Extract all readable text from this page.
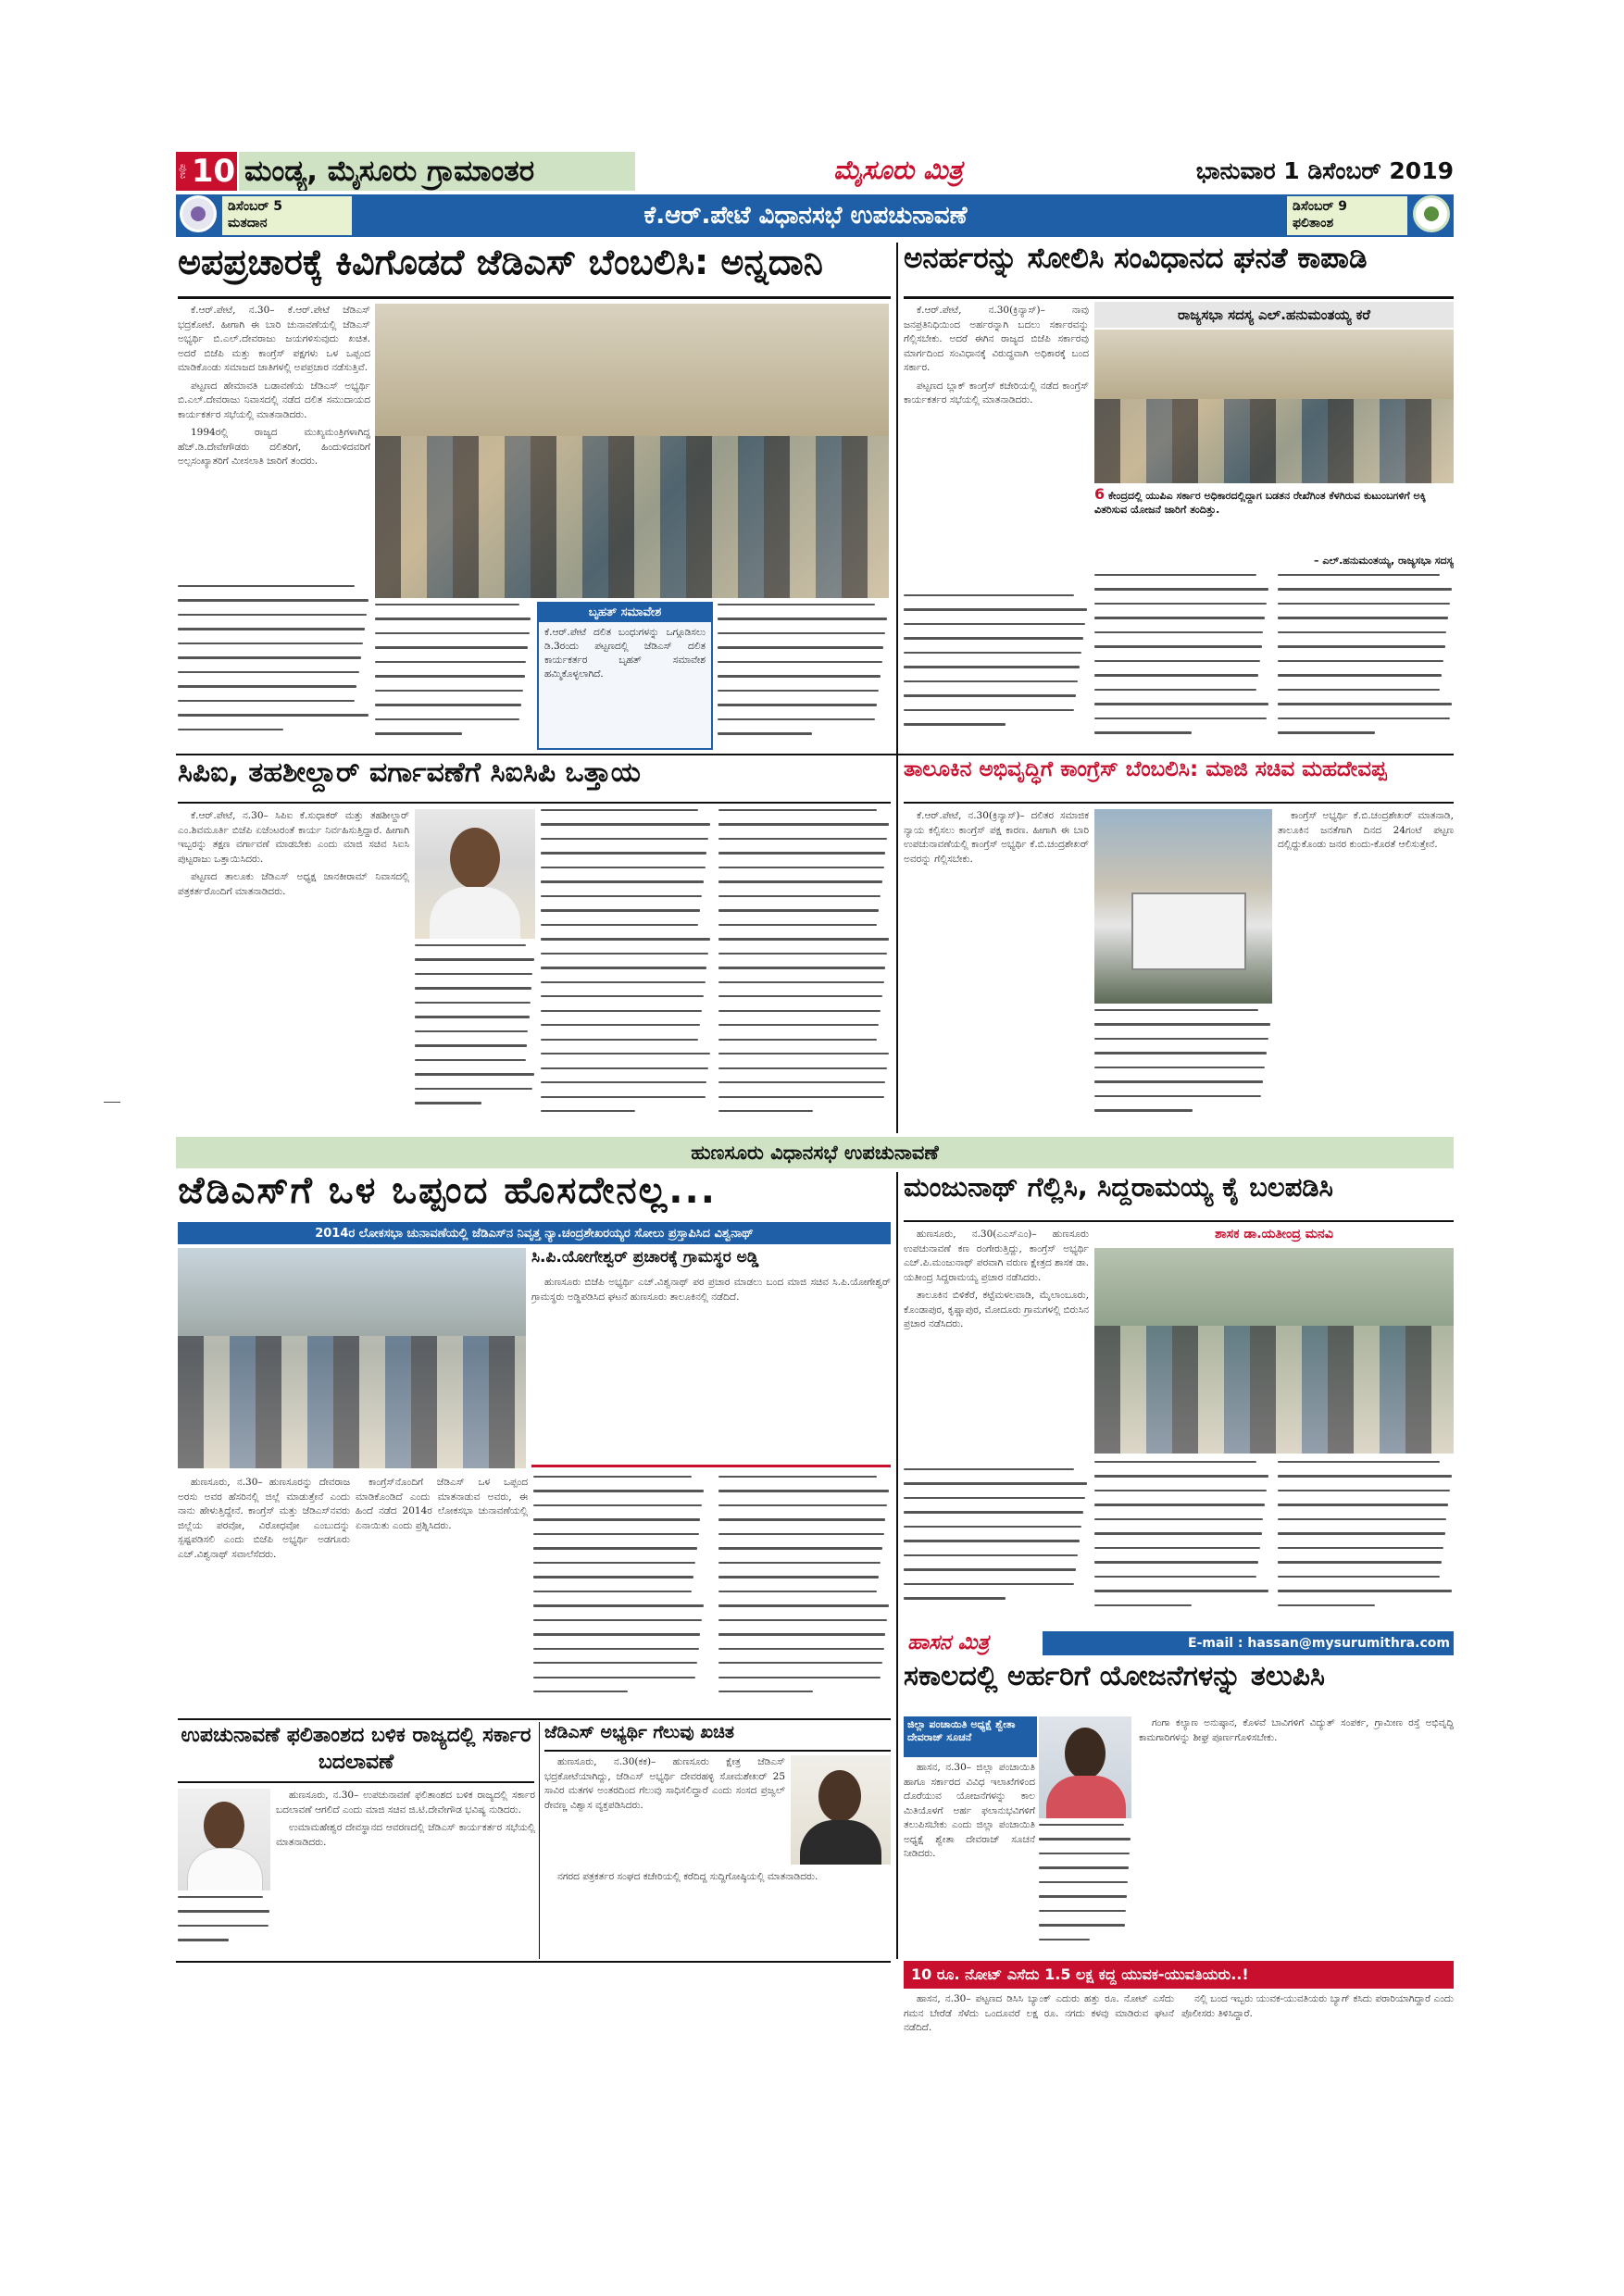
ಪುಟ 10 ಮಂಡ್ಯ, ಮೈಸೂರು ಗ್ರಾಮಾಂತರ	ಮೈಸೂರು ಮಿತ್ರ	ಭಾನುವಾರ 1 ಡಿಸೆಂಬರ್ 2019
ಡಿಸೆಂಬರ್ 5
ಮತದಾನ	ಕೆ.ಆರ್.ಪೇಟೆ ವಿಧಾನಸಭೆ ಉಪಚುನಾವಣೆ	ಡಿಸೆಂಬರ್ 9
ಫಲಿತಾಂಶ
ಅಪಪ್ರಚಾರಕ್ಕೆ ಕಿವಿಗೊಡದೆ ಜೆಡಿಎಸ್ ಬೆಂಬಲಿಸಿ: ಅನ್ನದಾನಿ

ಕೆ.ಆರ್.ಪೇಟೆ, ನ.30– ಕೆ.ಆರ್.ಪೇಟೆ ಜೆಡಿಎಸ್ ಭದ್ರಕೋಟೆ. ಹೀಗಾಗಿ ಈ ಬಾರಿ ಚುನಾವಣೆಯಲ್ಲಿ ಜೆಡಿಎಸ್ ಅಭ್ಯರ್ಥಿ ಬಿ.ಎಲ್.ದೇವರಾಜು ಜಯಗಳಿಸುವುದು ಖಚಿತ. ಅದರೆ ಬಿಜೆಪಿ ಮತ್ತು ಕಾಂಗ್ರೆಸ್ ಪಕ್ಷಗಳು ಒಳ ಒಪ್ಪಂದ ಮಾಡಿಕೊಂಡು ಸಮಾಜದ ಜಾತಿಗಳಲ್ಲಿ ಅಪಪ್ರಚಾರ ನಡೆಸುತ್ತಿವೆ.

ಪಟ್ಟಣದ ಹೇಮಾವತಿ ಬಡಾವಣೆಯ ಜೆಡಿಎಸ್ ಅಭ್ಯರ್ಥಿ ಬಿ.ಎಲ್.ದೇವರಾಜು ನಿವಾಸದಲ್ಲಿ ನಡೆದ ದಲಿತ ಸಮುದಾಯದ ಕಾರ್ಯಕರ್ತರ ಸಭೆಯಲ್ಲಿ ಮಾತನಾಡಿದರು.

1994ರಲ್ಲಿ ರಾಜ್ಯದ ಮುಖ್ಯಮಂತ್ರಿಗಳಾಗಿದ್ದ ಹೆಚ್.ಡಿ.ದೇವೇಗೌಡರು ದಲಿತರಿಗೆ, ಹಿಂದುಳಿದವರಿಗೆ ಅಲ್ಪಸಂಖ್ಯಾತರಿಗೆ ಮೀಸಲಾತಿ ಜಾರಿಗೆ ತಂದರು.

ಬೃಹತ್ ಸಮಾವೇಶ
ಕೆ.ಆರ್.ಪೇಟೆ ದಲಿತ ಬಂಧುಗಳನ್ನು ಒಗ್ಗೂಡಿಸಲು ಡಿ.3ರಂದು ಪಟ್ಟಣದಲ್ಲಿ ಜೆಡಿಎಸ್ ದಲಿತ ಕಾರ್ಯಕರ್ತರ ಬೃಹತ್ ಸಮಾವೇಶ ಹಮ್ಮಿಕೊಳ್ಳಲಾಗಿದೆ.
ಅನರ್ಹರನ್ನು ಸೋಲಿಸಿ ಸಂವಿಧಾನದ ಘನತೆ ಕಾಪಾಡಿ

ಕೆ.ಆರ್.ಪೇಟೆ, ನ.30(ಕ್ರಿನ್ಯಾಸ್)– ನಾವು ಜನಪ್ರತಿನಿಧಿಯಿಂದ ಅರ್ಹರನ್ನಾಗಿ ಬದಲು ಸರ್ಕಾರವನ್ನು ಗೆಲ್ಲಿಸಬೇಕು. ಅದರೆ ಈಗಿನ ರಾಜ್ಯದ ಬಿಜೆಪಿ ಸರ್ಕಾರವು ಮಾರ್ಗದಿಂದ ಸಂವಿಧಾನಕ್ಕೆ ವಿರುದ್ಧವಾಗಿ ಅಧಿಕಾರಕ್ಕೆ ಬಂದ ಸರ್ಕಾರ.

ಪಟ್ಟಣದ ಬ್ಲಾಕ್ ಕಾಂಗ್ರೆಸ್ ಕಚೇರಿಯಲ್ಲಿ ನಡೆದ ಕಾಂಗ್ರೆಸ್ ಕಾರ್ಯಕರ್ತರ ಸಭೆಯಲ್ಲಿ ಮಾತನಾಡಿದರು.

ರಾಜ್ಯಸಭಾ ಸದಸ್ಯ ಎಲ್.ಹನುಮಂತಯ್ಯ ಕರೆ
6 ಕೇಂದ್ರದಲ್ಲಿ ಯುಪಿಎ ಸರ್ಕಾರ ಅಧಿಕಾರದಲ್ಲಿದ್ದಾಗ ಬಡತನ ರೇಖೆಗಿಂತ ಕೆಳಗಿರುವ ಕುಟುಂಬಗಳಿಗೆ ಅಕ್ಕಿ ವಿತರಿಸುವ ಯೋಜನೆ ಜಾರಿಗೆ ತಂದಿತ್ತು.
– ಎಲ್.ಹನುಮಂತಯ್ಯ, ರಾಜ್ಯಸಭಾ ಸದಸ್ಯ
ಸಿಪಿಐ, ತಹಶೀಲ್ದಾರ್ ವರ್ಗಾವಣೆಗೆ ಸಿಐಸಿಪಿ ಒತ್ತಾಯ

ಕೆ.ಆರ್.ಪೇಟೆ, ನ.30– ಸಿಪಿಐ ಕೆ.ಸುಧಾಕರ್ ಮತ್ತು ತಹಶೀಲ್ದಾರ್ ಎಂ.ಶಿವಮೂರ್ತಿ ಬಿಜೆಪಿ ಏಜೆಂಟರಂತೆ ಕಾರ್ಯ ನಿರ್ವಹಿಸುತ್ತಿದ್ದಾರೆ. ಹೀಗಾಗಿ ಇಬ್ಬರನ್ನು ತಕ್ಷಣ ವರ್ಗಾವಣೆ ಮಾಡಬೇಕು ಎಂದು ಮಾಜಿ ಸಚಿವ ಸಿಐಸಿ ಪುಟ್ಟರಾಜು ಒತ್ತಾಯಿಸಿದರು.

ಪಟ್ಟಣದ ತಾಲೂಕು ಜೆಡಿಎಸ್ ಅಧ್ಯಕ್ಷ ಜಾನಕೀರಾಮ್ ನಿವಾಸದಲ್ಲಿ ಪತ್ರಕರ್ತರೊಂದಿಗೆ ಮಾತನಾಡಿದರು.

ತಾಲೂಕಿನ ಅಭಿವೃದ್ಧಿಗೆ ಕಾಂಗ್ರೆಸ್ ಬೆಂಬಲಿಸಿ: ಮಾಜಿ ಸಚಿವ ಮಹದೇವಪ್ಪ

ಕೆ.ಆರ್.ಪೇಟೆ, ನ.30(ಕ್ರಿನ್ಯಾಸ್)– ದಲಿತರ ಸಮಾಜಿಕ ನ್ಯಾಯ ಕಲ್ಪಿಸಲು ಕಾಂಗ್ರೆಸ್ ಪಕ್ಷ ಕಾರಣ. ಹೀಗಾಗಿ ಈ ಬಾರಿ ಉಪಚುನಾವಣೆಯಲ್ಲಿ ಕಾಂಗ್ರೆಸ್ ಅಭ್ಯರ್ಥಿ ಕೆ.ಬಿ.ಚಂದ್ರಶೇಖರ್ ಅವರನ್ನು ಗೆಲ್ಲಿಸಬೇಕು.

ಕಾಂಗ್ರೆಸ್ ಅಭ್ಯರ್ಥಿ ಕೆ.ಬಿ.ಚಂದ್ರಶೇಖರ್ ಮಾತನಾಡಿ, ತಾಲೂಕಿನ ಜನತೆಗಾಗಿ ದಿನದ 24ಗಂಟೆ ಪಟ್ಟಣ ದಲ್ಲಿದ್ದುಕೊಂಡು ಜನರ ಕುಂದು-ಕೊರತೆ ಆಲಿಸುತ್ತೇನೆ.

ಹುಣಸೂರು ವಿಧಾನಸಭೆ ಉಪಚುನಾವಣೆ
ಜೆಡಿಎಸ್‌ಗೆ ಒಳ ಒಪ್ಪಂದ ಹೊಸದೇನಲ್ಲ...
2014ರ ಲೋಕಸಭಾ ಚುನಾವಣೆಯಲ್ಲಿ ಜೆಡಿಎಸ್‌ನ ನಿವೃತ್ತ ನ್ಯಾ.ಚಂದ್ರಶೇಖರಯ್ಯರ ಸೋಲು ಪ್ರಸ್ತಾಪಿಸಿದ ವಿಶ್ವನಾಥ್
ಸಿ.ಪಿ.ಯೋಗೇಶ್ವರ್ ಪ್ರಚಾರಕ್ಕೆ ಗ್ರಾಮಸ್ಥರ ಅಡ್ಡಿ

ಹುಣಸೂರು ಬಿಜೆಪಿ ಅಭ್ಯರ್ಥಿ ಎಚ್.ವಿಶ್ವನಾಥ್ ಪರ ಪ್ರಚಾರ ಮಾಡಲು ಬಂದ ಮಾಜಿ ಸಚಿವ ಸಿ.ಪಿ.ಯೋಗೇಶ್ವರ್ ಗ್ರಾಮಸ್ಥರು ಅಡ್ಡಿಪಡಿಸಿದ ಘಟನೆ ಹುಣಸೂರು ತಾಲೂಕಿನಲ್ಲಿ ನಡೆದಿದೆ.

ಹುಣಸೂರು, ನ.30– ಹುಣಸೂರನ್ನು ದೇವರಾಜ ಅರಸು ಅವರ ಹೆಸರಿನಲ್ಲಿ ಜಿಲ್ಲೆ ಮಾಡುತ್ತೇನೆ ಎಂದು ನಾನು ಹೇಳುತ್ತಿದ್ದೇನೆ. ಕಾಂಗ್ರೆಸ್ ಮತ್ತು ಜೆಡಿಎಸ್‌ನವರು ಜಿಲ್ಲೆಯ ಪರವೋ, ವಿರೋಧವೋ ಎಂಬುದನ್ನು ಸ್ಪಷ್ಟಪಡಿಸಲಿ ಎಂದು ಬಿಜೆಪಿ ಅಭ್ಯರ್ಥಿ ಅಡಗೂರು ಎಚ್.ವಿಶ್ವನಾಥ್ ಸವಾಲೆಸೆದರು.

ಕಾಂಗ್ರೆಸ್‌ನೊಂದಿಗೆ ಜೆಡಿಎಸ್ ಒಳ ಒಪ್ಪಂದ ಮಾಡಿಕೊಂಡಿದೆ ಎಂದು ಮಾತನಾಡುವ ಅವರು, ಈ ಹಿಂದೆ ನಡೆದ 2014ರ ಲೋಕಸಭಾ ಚುನಾವಣೆಯಲ್ಲಿ ಏನಾಯಿತು ಎಂದು ಪ್ರಶ್ನಿಸಿದರು.

ಮಂಜುನಾಥ್ ಗೆಲ್ಲಿಸಿ, ಸಿದ್ದರಾಮಯ್ಯ ಕೈ ಬಲಪಡಿಸಿ

ಹುಣಸೂರು, ನ.30(ಎಎಸ್‌ಎಂ)– ಹುಣಸೂರು ಉಪಚುನಾವಣೆ ಕಣ ರಂಗೇರುತ್ತಿದ್ದು, ಕಾಂಗ್ರೆಸ್ ಅಭ್ಯರ್ಥಿ ಎಚ್.ಪಿ.ಮಂಜುನಾಥ್ ಪರವಾಗಿ ವರುಣ ಕ್ಷೇತ್ರದ ಶಾಸಕ ಡಾ. ಯತೀಂದ್ರ ಸಿದ್ದರಾಮಯ್ಯ ಪ್ರಚಾರ ನಡೆಸಿದರು.

ತಾಲೂಕಿನ ಬಿಳಿಕೆರೆ, ಕಟ್ಟೆಮಳಲವಾಡಿ, ಮೈಲಾಂಬೂರು, ಕೊಂಡಾಪುರ, ಕೃಷ್ಣಾಪುರ, ಮೋದೂರು ಗ್ರಾಮಗಳಲ್ಲಿ ಬಿರುಸಿನ ಪ್ರಚಾರ ನಡೆಸಿದರು.

ಶಾಸಕ ಡಾ.ಯತೀಂದ್ರ ಮನವಿ
ಉಪಚುನಾವಣೆ ಫಲಿತಾಂಶದ ಬಳಿಕ ರಾಜ್ಯದಲ್ಲಿ ಸರ್ಕಾರ ಬದಲಾವಣೆ

ಹುಣಸೂರು, ನ.30– ಉಪಚುನಾವಣೆ ಫಲಿತಾಂಶದ ಬಳಿಕ ರಾಜ್ಯದಲ್ಲಿ ಸರ್ಕಾರ ಬದಲಾವಣೆ ಆಗಲಿದೆ ಎಂದು ಮಾಜಿ ಸಚಿವ ಜಿ.ಟಿ.ದೇವೇಗೌಡ ಭವಿಷ್ಯ ನುಡಿದರು.

ಉಮಾಮಹೇಶ್ವರ ದೇವಸ್ಥಾನದ ಆವರಣದಲ್ಲಿ ಜೆಡಿಎಸ್ ಕಾರ್ಯಕರ್ತರ ಸಭೆಯಲ್ಲಿ ಮಾತನಾಡಿದರು.

ಜೆಡಿಎಸ್ ಅಭ್ಯರ್ಥಿ ಗೆಲುವು ಖಚಿತ

ಹುಣಸೂರು, ನ.30(ಕಕ)– ಹುಣಸೂರು ಕ್ಷೇತ್ರ ಜೆಡಿಎಸ್ ಭದ್ರಕೋಟೆಯಾಗಿದ್ದು, ಜೆಡಿಎಸ್ ಅಭ್ಯರ್ಥಿ ದೇವರಹಳ್ಳಿ ಸೋಮಶೇಖರ್ 25 ಸಾವಿರ ಮತಗಳ ಅಂತರದಿಂದ ಗೆಲುವು ಸಾಧಿಸಲಿದ್ದಾರೆ ಎಂದು ಸಂಸದ ಪ್ರಜ್ವಲ್ ರೇವಣ್ಣ ವಿಶ್ವಾಸ ವ್ಯಕ್ತಪಡಿಸಿದರು.

ನಗರದ ಪತ್ರಕರ್ತರ ಸಂಘದ ಕಚೇರಿಯಲ್ಲಿ ಕರೆದಿದ್ದ ಸುದ್ದಿಗೋಷ್ಠಿಯಲ್ಲಿ ಮಾತನಾಡಿದರು.

ಹಾಸನ ಮಿತ್ರ	E-mail : hassan@mysurumithra.com
ಸಕಾಲದಲ್ಲಿ ಅರ್ಹರಿಗೆ ಯೋಜನೆಗಳನ್ನು ತಲುಪಿಸಿ
ಜಿಲ್ಲಾ ಪಂಚಾಯಿತಿ ಅಧ್ಯಕ್ಷೆ ಶ್ವೇತಾ ದೇವರಾಜ್ ಸೂಚನೆ

ಹಾಸನ, ನ.30– ಜಿಲ್ಲಾ ಪಂಚಾಯಿತಿ ಹಾಗೂ ಸರ್ಕಾರದ ವಿವಿಧ ಇಲಾಖೆಗಳಿಂದ ದೊರೆಯುವ ಯೋಜನೆಗಳನ್ನು ಕಾಲ ಮಿತಿಯೊಳಗೆ ಅರ್ಹ ಫಲಾನುಭವಿಗಳಿಗೆ ತಲುಪಿಸಬೇಕು ಎಂದು ಜಿಲ್ಲಾ ಪಂಚಾಯಿತಿ ಅಧ್ಯಕ್ಷೆ ಶ್ವೇತಾ ದೇವರಾಜ್ ಸೂಚನೆ ನೀಡಿದರು.

ಗಂಗಾ ಕಲ್ಯಾಣ ಅನುಷ್ಠಾನ, ಕೊಳವೆ ಬಾವಿಗಳಿಗೆ ವಿದ್ಯುತ್ ಸಂಪರ್ಕ, ಗ್ರಾಮೀಣ ರಸ್ತೆ ಅಭಿವೃದ್ಧಿ ಕಾಮಗಾರಿಗಳನ್ನು ಶೀಘ್ರ ಪೂರ್ಣಗೊಳಿಸಬೇಕು.

10 ರೂ. ನೋಟ್ ಎಸೆದು 1.5 ಲಕ್ಷ ಕದ್ದ ಯುವಕ-ಯುವತಿಯರು..!

ಹಾಸನ, ನ.30– ಪಟ್ಟಣದ ಡಿಸಿಸಿ ಬ್ಯಾಂಕ್ ಎದುರು ಹತ್ತು ರೂ. ನೋಟ್ ಎಸೆದು ಗಮನ ಬೇರೆಡೆ ಸೆಳೆದು ಒಂದೂವರೆ ಲಕ್ಷ ರೂ. ನಗದು ಕಳವು ಮಾಡಿರುವ ಘಟನೆ ನಡೆದಿದೆ.

ನಲ್ಲಿ ಬಂದ ಇಬ್ಬರು ಯುವಕ-ಯುವತಿಯರು ಬ್ಯಾಗ್ ಕಸಿದು ಪರಾರಿಯಾಗಿದ್ದಾರೆ ಎಂದು ಪೊಲೀಸರು ತಿಳಿಸಿದ್ದಾರೆ.
